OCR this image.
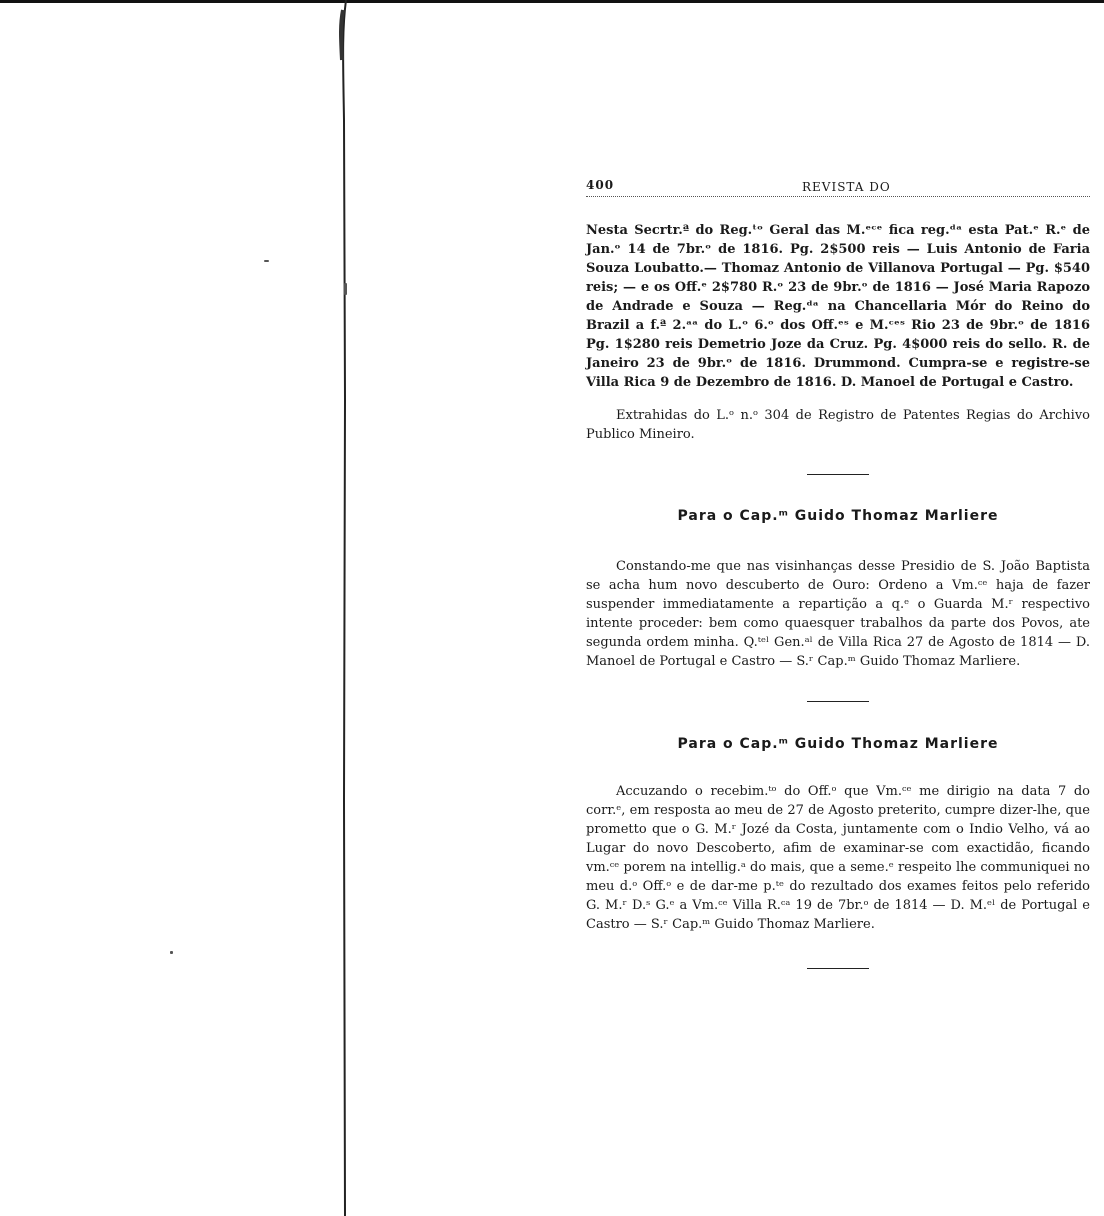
400	REVISTA DO

Nesta Secrtr.ª do Reg.ᵗᵒ Geral das M.ᵉᶜᵉ fica reg.ᵈᵃ esta Pat.ᵉ R.ᵉ de Jan.ᵒ 14 de 7br.ᵒ de 1816. Pg. 2$500 reis — Luis Antonio de Faria Souza Loubatto.— Thomaz Antonio de Villanova Portugal — Pg. $540 reis; — e os Off.ᵉ 2$780 R.ᵒ 23 de 9br.ᵒ de 1816 — José Maria Rapozo de Andrade e Souza — Reg.ᵈᵃ na Chancellaria Mór do Reino do Brazil a f.ª 2.ᵃᵃ do L.ᵒ 6.ᵒ dos Off.ᵉˢ e M.ᶜᵉˢ Rio 23 de 9br.ᵒ de 1816 Pg. 1$280 reis Demetrio Joze da Cruz. Pg. 4$000 reis do sello. R. de Janeiro 23 de 9br.ᵒ de 1816. Drummond. Cumpra-se e registre-se Villa Rica 9 de Dezembro de 1816. D. Manoel de Portugal e Castro.

Extrahidas do L.ᵒ n.ᵒ 304 de Registro de Patentes Regias do Archivo Publico Mineiro.

Para o Cap.ᵐ Guido Thomaz Marliere

Constando-me que nas visinhanças desse Presidio de S. João Baptista se acha hum novo descuberto de Ouro: Ordeno a Vm.ᶜᵉ haja de fazer suspender immediatamente a repartição a q.ᵉ o Guarda M.ʳ respectivo intente proceder: bem como quaesquer trabalhos da parte dos Povos, ate segunda ordem minha. Q.ᵗᵉˡ Gen.ᵃˡ de Villa Rica 27 de Agosto de 1814 — D. Manoel de Portugal e Castro — S.ʳ Cap.ᵐ Guido Thomaz Marliere.

Para o Cap.ᵐ Guido Thomaz Marliere

Accuzando o recebim.ᵗᵒ do Off.ᵒ que Vm.ᶜᵉ me dirigio na data 7 do corr.ᵉ, em resposta ao meu de 27 de Agosto preterito, cumpre dizer-lhe, que prometto que o G. M.ʳ Jozé da Costa, juntamente com o Indio Velho, vá ao Lugar do novo Descoberto, afim de examinar-se com exactidão, ficando vm.ᶜᵉ porem na intellig.ᵃ do mais, que a seme.ᵉ respeito lhe communiquei no meu d.ᵒ Off.ᵒ e de dar-me p.ᵗᵉ do rezultado dos exames feitos pelo referido G. M.ʳ D.ˢ G.ᵉ a Vm.ᶜᵉ Villa R.ᶜᵃ 19 de 7br.ᵒ de 1814 — D. M.ᵉˡ de Portugal e Castro — S.ʳ Cap.ᵐ Guido Thomaz Marliere.
